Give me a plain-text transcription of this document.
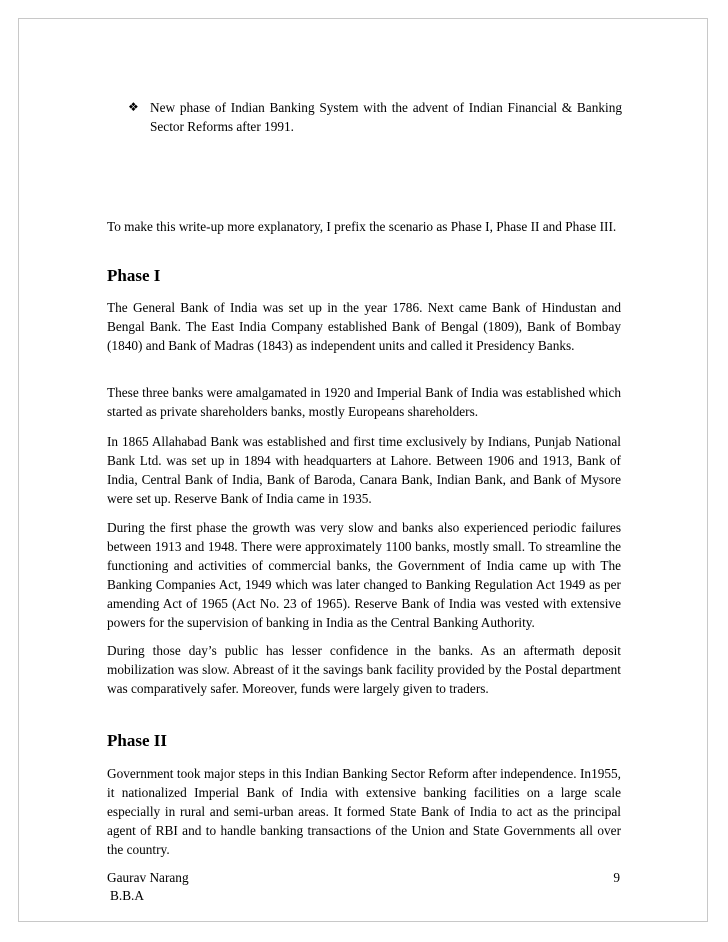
❖ New phase of Indian Banking System with the advent of Indian Financial & Banking Sector Reforms after 1991.

To make this write-up more explanatory, I prefix the scenario as Phase I, Phase II and Phase III.

Phase I

The General Bank of India was set up in the year 1786. Next came Bank of Hindustan and Bengal Bank. The East India Company established Bank of Bengal (1809), Bank of Bombay (1840) and Bank of Madras (1843) as independent units and called it Presidency Banks.

These three banks were amalgamated in 1920 and Imperial Bank of India was established which started as private shareholders banks, mostly Europeans shareholders.

In 1865 Allahabad Bank was established and first time exclusively by Indians, Punjab National Bank Ltd. was set up in 1894 with headquarters at Lahore. Between 1906 and 1913, Bank of India, Central Bank of India, Bank of Baroda, Canara Bank, Indian Bank, and Bank of Mysore were set up. Reserve Bank of India came in 1935.

During the first phase the growth was very slow and banks also experienced periodic failures between 1913 and 1948. There were approximately 1100 banks, mostly small. To streamline the functioning and activities of commercial banks, the Government of India came up with The Banking Companies Act, 1949 which was later changed to Banking Regulation Act 1949 as per amending Act of 1965 (Act No. 23 of 1965). Reserve Bank of India was vested with extensive powers for the supervision of banking in India as the Central Banking Authority.

During those day’s public has lesser confidence in the banks. As an aftermath deposit mobilization was slow. Abreast of it the savings bank facility provided by the Postal department was comparatively safer. Moreover, funds were largely given to traders.

Phase II

Government took major steps in this Indian Banking Sector Reform after independence. In1955, it nationalized Imperial Bank of India with extensive banking facilities on a large scale especially in rural and semi-urban areas. It formed State Bank of India to act as the principal agent of RBI and to handle banking transactions of the Union and State Governments all over the country.

Gaurav Narang
B.B.A
9
